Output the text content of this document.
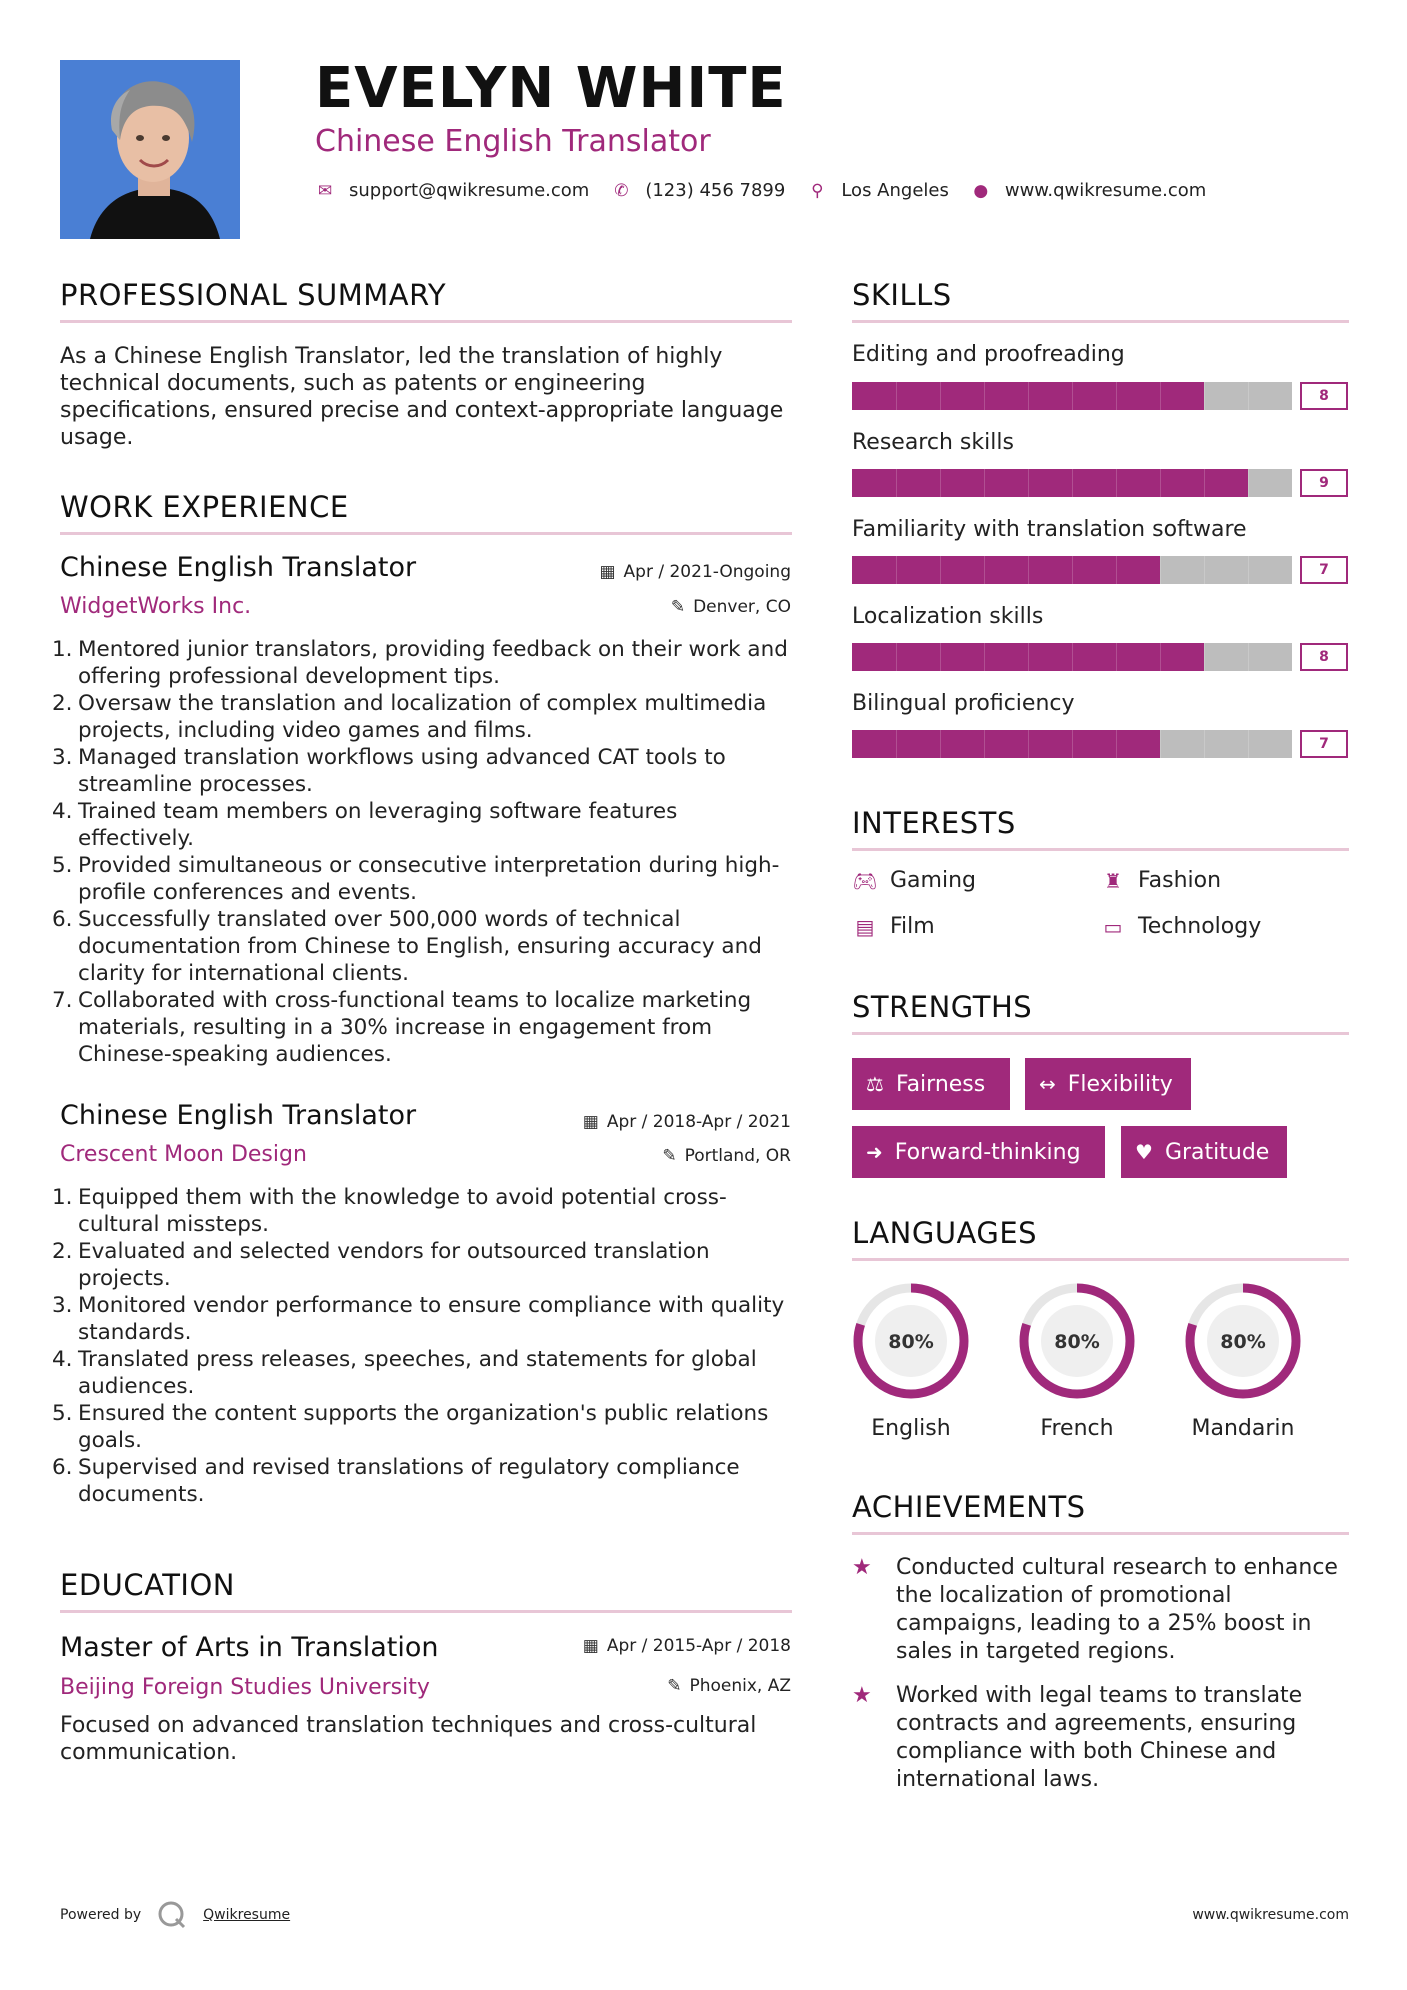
EVELYN WHITE
Chinese English Translator
✉ support@qwikresume.com ✆ (123) 456 7899 ⚲ Los Angeles ● www.qwikresume.com
PROFESSIONAL SUMMARY
As a Chinese English Translator, led the translation of highly technical documents, such as patents or engineering specifications, ensured precise and context-appropriate language usage.
WORK EXPERIENCE
Chinese English Translator	▦ Apr / 2021-Ongoing
WidgetWorks Inc.	✎ Denver, CO
1. Mentored junior translators, providing feedback on their work and offering professional development tips.
2. Oversaw the translation and localization of complex multimedia projects, including video games and films.
3. Managed translation workflows using advanced CAT tools to streamline processes.
4. Trained team members on leveraging software features effectively.
5. Provided simultaneous or consecutive interpretation during high-profile conferences and events.
6. Successfully translated over 500,000 words of technical documentation from Chinese to English, ensuring accuracy and clarity for international clients.
7. Collaborated with cross-functional teams to localize marketing materials, resulting in a 30% increase in engagement from Chinese-speaking audiences.
Chinese English Translator	▦ Apr / 2018-Apr / 2021
Crescent Moon Design	✎ Portland, OR
1. Equipped them with the knowledge to avoid potential cross-cultural missteps.
2. Evaluated and selected vendors for outsourced translation projects.
3. Monitored vendor performance to ensure compliance with quality standards.
4. Translated press releases, speeches, and statements for global audiences.
5. Ensured the content supports the organization's public relations goals.
6. Supervised and revised translations of regulatory compliance documents.
EDUCATION
Master of Arts in Translation	▦ Apr / 2015-Apr / 2018
Beijing Foreign Studies University	✎ Phoenix, AZ
Focused on advanced translation techniques and cross-cultural communication.
SKILLS
Editing and proofreading
8
Research skills
9
Familiarity with translation software
7
Localization skills
8
Bilingual proficiency
7
INTERESTS
🎮︎ Gaming	♜ Fashion
▤ Film	▭ Technology
STRENGTHS
⚖ Fairness	↔ Flexibility
➜ Forward-thinking	♥ Gratitude
LANGUAGES
80%
English
80%
French
80%
Mandarin
ACHIEVEMENTS
★ Conducted cultural research to enhance the localization of promotional campaigns, leading to a 25% boost in sales in targeted regions.
★ Worked with legal teams to translate contracts and agreements, ensuring compliance with both Chinese and international laws.
Powered by	Qwikresume	www.qwikresume.com
